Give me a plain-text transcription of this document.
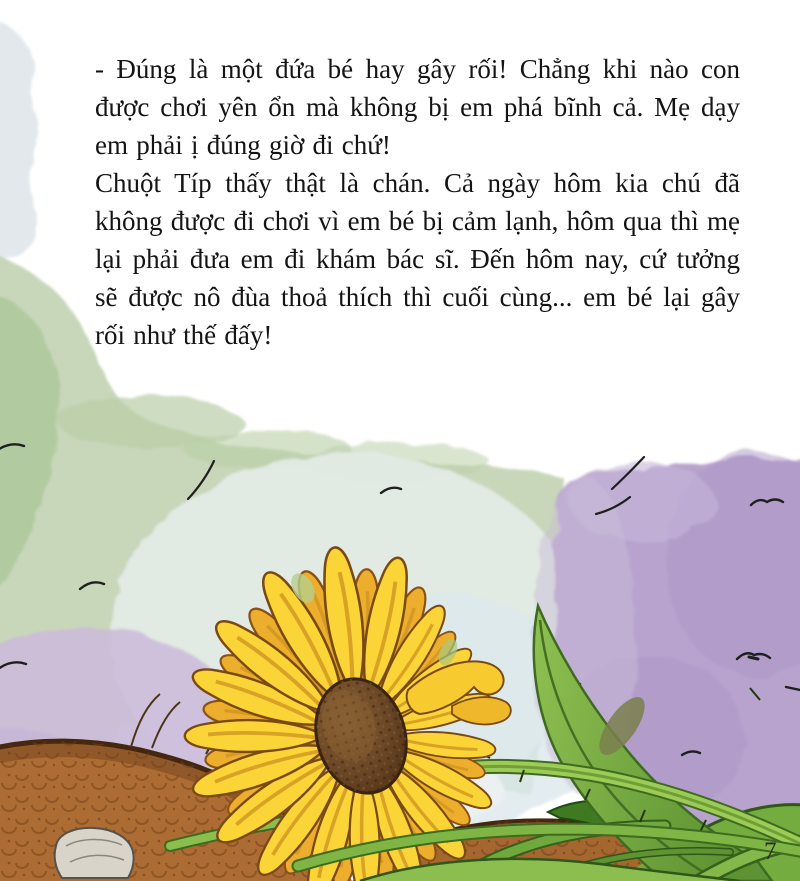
- Đúng là một đứa bé hay gây rối! Chẳng khi nào con được chơi yên ổn mà không bị em phá bĩnh cả. Mẹ dạy em phải ị đúng giờ đi chứ!

Chuột Típ thấy thật là chán. Cả ngày hôm kia chú đã không được đi chơi vì em bé bị cảm lạnh, hôm qua thì mẹ lại phải đưa em đi khám bác sĩ. Đến hôm nay, cứ tưởng sẽ được nô đùa thoả thích thì cuối cùng... em bé lại gây rối như thế đấy!

7
